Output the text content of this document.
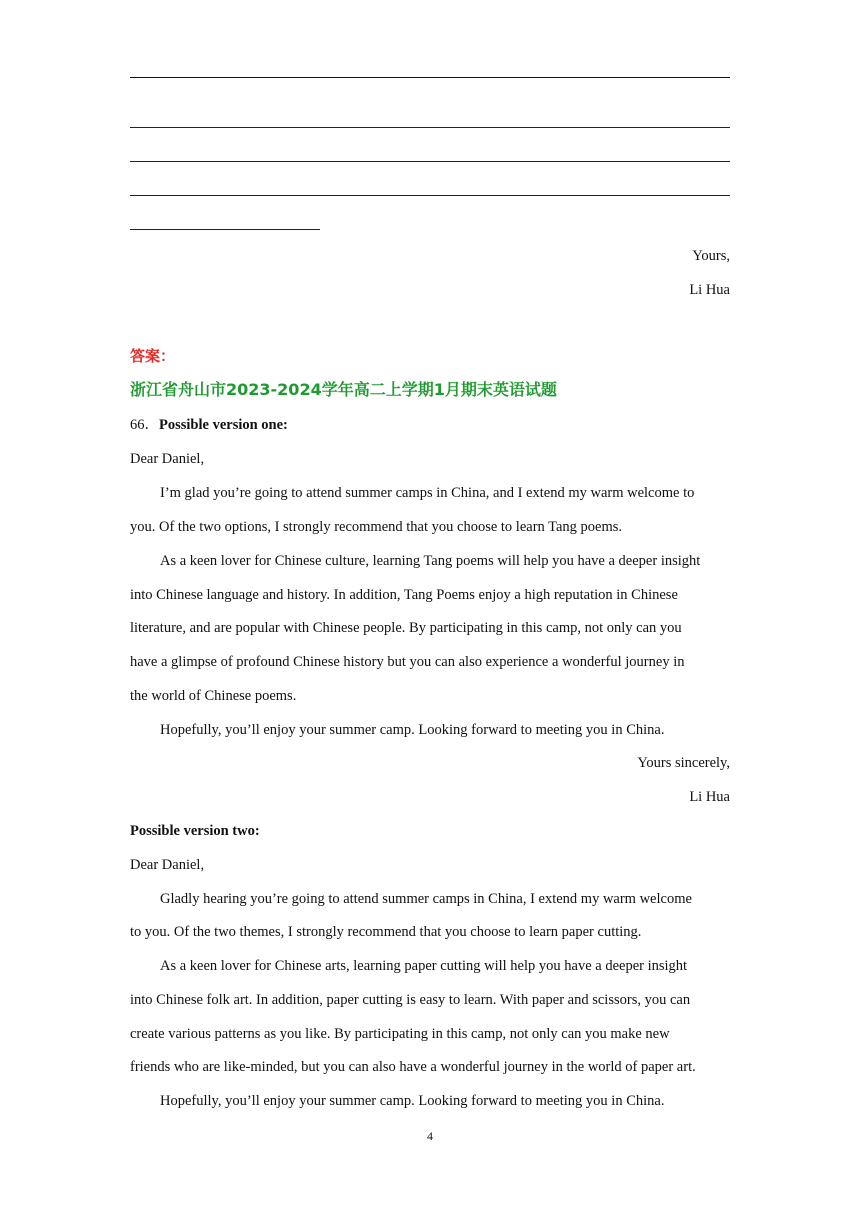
Yours,
Li Hua
答案：
浙江省舟山市2023-2024学年高二上学期1月期末英语试题
66．Possible version one:
Dear Daniel,
I’m glad you’re going to attend summer camps in China, and I extend my warm welcome to
you. Of the two options, I strongly recommend that you choose to learn Tang poems.
As a keen lover for Chinese culture, learning Tang poems will help you have a deeper insight
into Chinese language and history. In addition, Tang Poems enjoy a high reputation in Chinese
literature, and are popular with Chinese people. By participating in this camp, not only can you
have a glimpse of profound Chinese history but you can also experience a wonderful journey in
the world of Chinese poems.
Hopefully, you’ll enjoy your summer camp. Looking forward to meeting you in China.
Yours sincerely,
Li Hua
Possible version two:
Dear Daniel,
Gladly hearing you’re going to attend summer camps in China, I extend my warm welcome
to you. Of the two themes, I strongly recommend that you choose to learn paper cutting.
As a keen lover for Chinese arts, learning paper cutting will help you have a deeper insight
into Chinese folk art. In addition, paper cutting is easy to learn. With paper and scissors, you can
create various patterns as you like. By participating in this camp, not only can you make new
friends who are like-minded, but you can also have a wonderful journey in the world of paper art.
Hopefully, you’ll enjoy your summer camp. Looking forward to meeting you in China.
4
